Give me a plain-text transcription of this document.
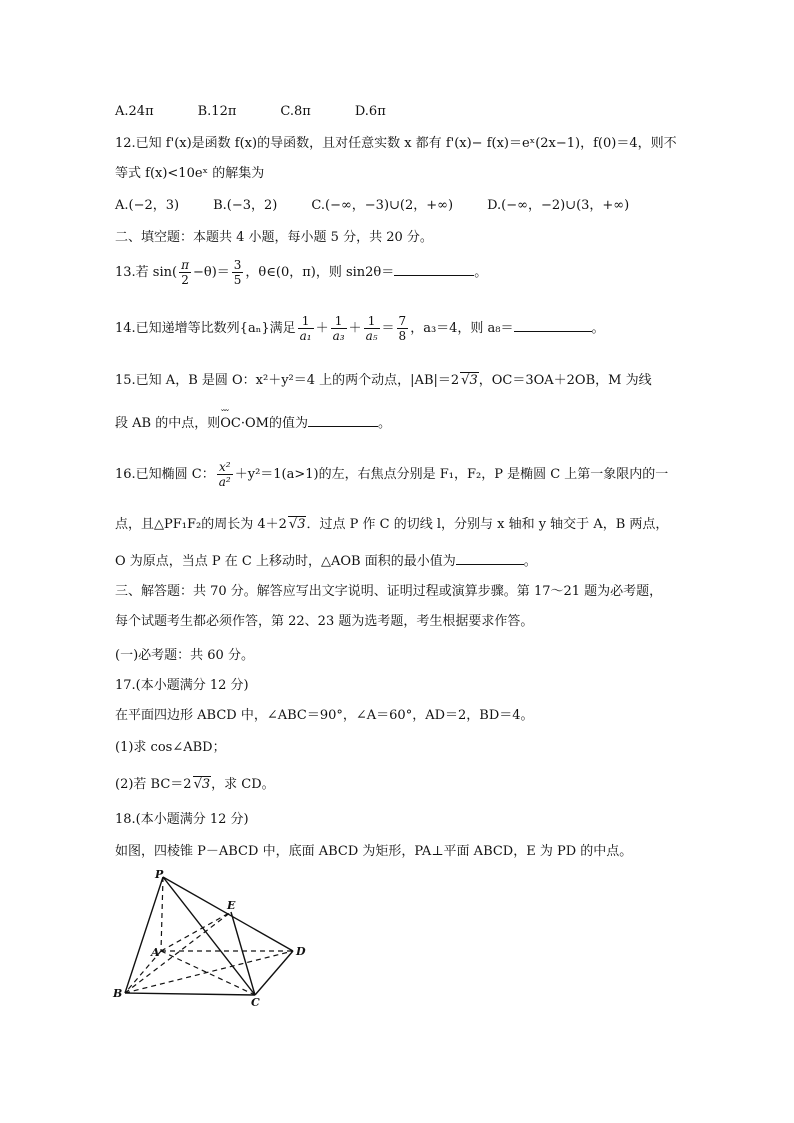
A.24π	B.12π	C.8π	D.6π
12.已知 f'(x)是函数 f(x)的导函数，且对任意实数 x 都有 f'(x)− f(x)＝eˣ(2x−1)，f(0)＝4，则不
等式 f(x)<10eˣ 的解集为
A.(−2，3)	B.(−3，2)	C.(−∞，−3)∪(2，+∞)	D.(−∞，−2)∪(3，+∞)
二、填空题：本题共 4 小题，每小题 5 分，共 20 分。
13.若 $\sin( \frac{\pi}{2} -\theta)= \frac{3}{5}$ ，θ∈(0，π)，则 sin2θ＝	。
14.已知递增等比数列{aₙ}满足 $\frac{1}{\text{a₁}} + \frac{1}{\text{a₃}} + \frac{1}{\text{a₅}} = \frac{7}{8}$ ，a₃＝4，则 a₈＝	。
15.已知 A，B 是圆 O：x²＋y²＝4 上的两个动点，|AB|＝2 √3，OC＝3OA＋2OB，M 为线
段 AB 的中点，则ˇˇˇ OC·OM的值为	。
16.已知椭圆 C： $\frac{\text{x²}}{\text{a²}} +y^2=1(a>1)$的左，右焦点分别是 F₁，F₂，P 是椭圆 C 上第一象限内的一
点，且△PF₁F₂的周长为 4＋2 √3．过点 P 作 C 的切线 l，分别与 x 轴和 y 轴交于 A，B 两点，
O 为原点，当点 P 在 C 上移动时，△AOB 面积的最小值为	。
三、解答题：共 70 分。解答应写出文字说明、证明过程或演算步骤。第 17～21 题为必考题，
每个试题考生都必须作答，第 22、23 题为选考题，考生根据要求作答。
(一)必考题：共 60 分。
17.(本小题满分 12 分)
在平面四边形 ABCD 中，∠ABC＝90°，∠A＝60°，AD＝2，BD＝4。
(1)求 cos∠ABD；
(2)若 BC＝2 √3，求 CD。
18.(本小题满分 12 分)
如图，四棱锥 P－ABCD 中，底面 ABCD 为矩形，PA⊥平面 ABCD，E 为 PD 的中点。
P
E
A	D
B
C
